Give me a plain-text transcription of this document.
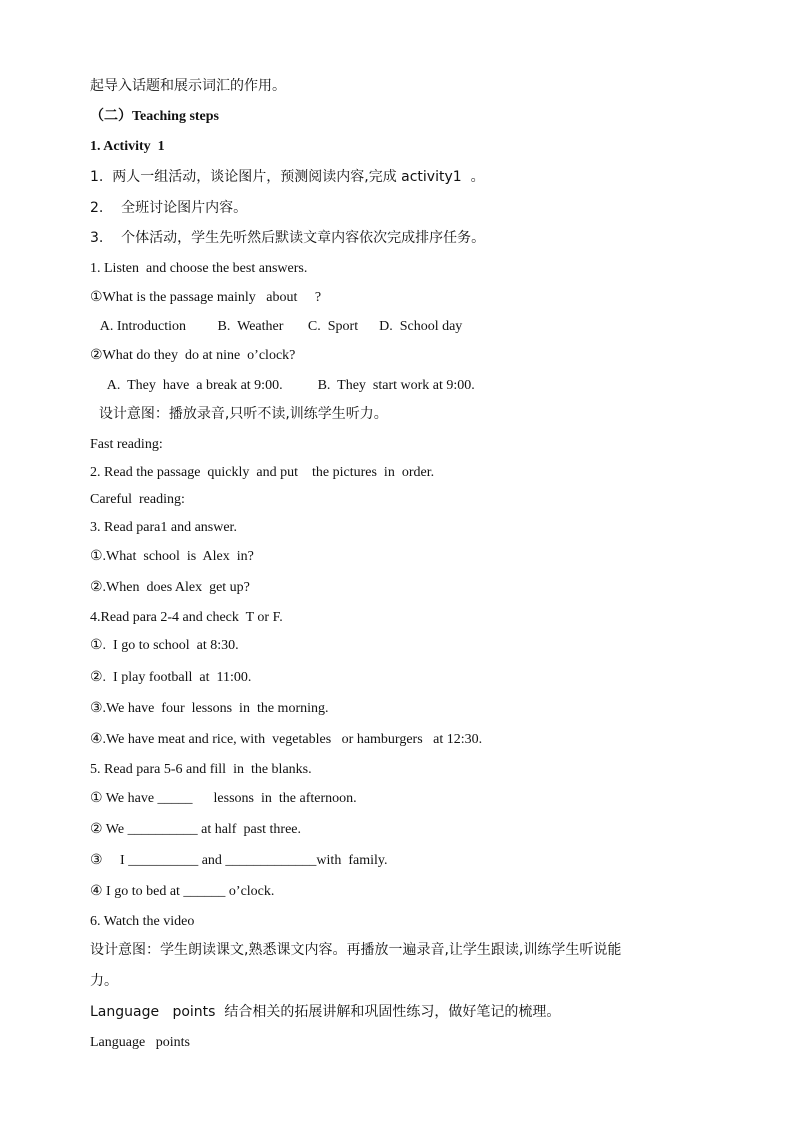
起导入话题和展示词汇的作用。
（二）Teaching steps
1. Activity  1
1.  两人一组活动，谈论图片，预测阅读内容,完成 activity1  。
2.    全班讨论图片内容。
3.    个体活动，学生先听然后默读文章内容依次完成排序任务。
1. Listen  and choose the best answers.
①What is the passage mainly   about     ?
A. Introduction         B.  Weather       C.  Sport      D.  School day
②What do they  do at nine  o’clock?
A.  They  have  a break at 9:00.          B.  They  start work at 9:00.
设计意图：播放录音,只听不读,训练学生听力。
Fast reading:
2. Read the passage  quickly  and put    the pictures  in  order.
Careful  reading:
3. Read para1 and answer.
①.What  school  is  Alex  in?
②.When  does Alex  get up?
4.Read para 2-4 and check  T or F.
①.  I go to school  at 8:30.
②.  I play football  at  11:00.
③.We have  four  lessons  in  the morning.
④.We have meat and rice, with  vegetables   or hamburgers   at 12:30.
5. Read para 5-6 and fill  in  the blanks.
① We have _____      lessons  in  the afternoon.
② We __________ at half  past three.
③     I __________ and _____________with  family.
④ I go to bed at ______ o’clock.
6. Watch the video
设计意图：学生朗读课文,熟悉课文内容。再播放一遍录音,让学生跟读,训练学生听说能
力。
Language   points  结合相关的拓展讲解和巩固性练习，做好笔记的梳理。
Language   points
